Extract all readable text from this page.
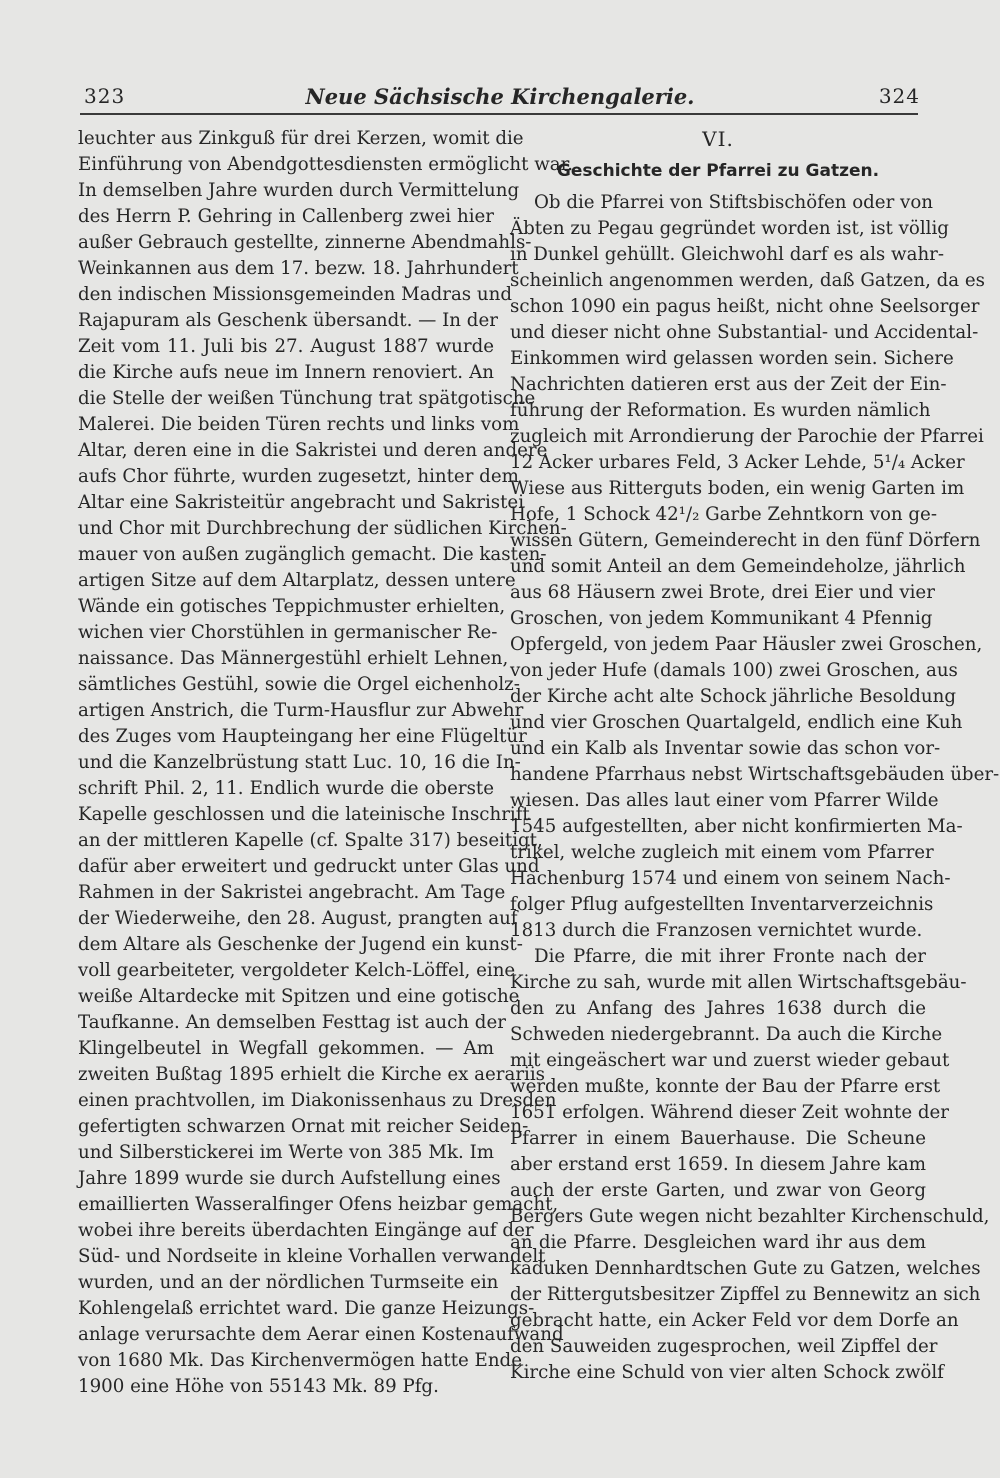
323	Neue Sächsische Kirchengalerie.	324
leuchter aus Zinkguß für drei Kerzen, womit die
Einführung von Abendgottesdiensten ermöglicht war.
In demselben Jahre wurden durch Vermittelung
des Herrn P. Gehring in Callenberg zwei hier
außer Gebrauch gestellte, zinnerne Abendmahls-
Weinkannen aus dem 17. bezw. 18. Jahrhundert
den indischen Missionsgemeinden Madras und
Rajapuram als Geschenk übersandt. — In der
Zeit vom 11. Juli bis 27. August 1887 wurde
die Kirche aufs neue im Innern renoviert. An
die Stelle der weißen Tünchung trat spätgotische
Malerei. Die beiden Türen rechts und links vom
Altar, deren eine in die Sakristei und deren andere
aufs Chor führte, wurden zugesetzt, hinter dem
Altar eine Sakristeitür angebracht und Sakristei
und Chor mit Durchbrechung der südlichen Kirchen-
mauer von außen zugänglich gemacht. Die kasten-
artigen Sitze auf dem Altarplatz, dessen untere
Wände ein gotisches Teppichmuster erhielten,
wichen vier Chorstühlen in germanischer Re-
naissance. Das Männergestühl erhielt Lehnen,
sämtliches Gestühl, sowie die Orgel eichenholz-
artigen Anstrich, die Turm-Hausflur zur Abwehr
des Zuges vom Haupteingang her eine Flügeltür
und die Kanzelbrüstung statt Luc. 10, 16 die In-
schrift Phil. 2, 11. Endlich wurde die oberste
Kapelle geschlossen und die lateinische Inschrift
an der mittleren Kapelle (cf. Spalte 317) beseitigt,
dafür aber erweitert und gedruckt unter Glas und
Rahmen in der Sakristei angebracht. Am Tage
der Wiederweihe, den 28. August, prangten auf
dem Altare als Geschenke der Jugend ein kunst-
voll gearbeiteter, vergoldeter Kelch-Löffel, eine
weiße Altardecke mit Spitzen und eine gotische
Taufkanne. An demselben Festtag ist auch der
Klingelbeutel in Wegfall gekommen. — Am
zweiten Bußtag 1895 erhielt die Kirche ex aerariis
einen prachtvollen, im Diakonissenhaus zu Dresden
gefertigten schwarzen Ornat mit reicher Seiden-
und Silberstickerei im Werte von 385 Mk. Im
Jahre 1899 wurde sie durch Aufstellung eines
emaillierten Wasseralfinger Ofens heizbar gemacht,
wobei ihre bereits überdachten Eingänge auf der
Süd- und Nordseite in kleine Vorhallen verwandelt
wurden, und an der nördlichen Turmseite ein
Kohlengelaß errichtet ward. Die ganze Heizungs-
anlage verursachte dem Aerar einen Kostenaufwand
von 1680 Mk. Das Kirchenvermögen hatte Ende
1900 eine Höhe von 55143 Mk. 89 Pfg.
VI.
Geschichte der Pfarrei zu Gatzen.
Ob die Pfarrei von Stiftsbischöfen oder von
Äbten zu Pegau gegründet worden ist, ist völlig
in Dunkel gehüllt. Gleichwohl darf es als wahr-
scheinlich angenommen werden, daß Gatzen, da es
schon 1090 ein pagus heißt, nicht ohne Seelsorger
und dieser nicht ohne Substantial- und Accidental-
Einkommen wird gelassen worden sein. Sichere
Nachrichten datieren erst aus der Zeit der Ein-
führung der Reformation. Es wurden nämlich
zugleich mit Arrondierung der Parochie der Pfarrei
12 Acker urbares Feld, 3 Acker Lehde, 5¹/₄ Acker
Wiese aus Ritterguts boden, ein wenig Garten im
Hofe, 1 Schock 42¹/₂ Garbe Zehntkorn von ge-
wissen Gütern, Gemeinderecht in den fünf Dörfern
und somit Anteil an dem Gemeindeholze, jährlich
aus 68 Häusern zwei Brote, drei Eier und vier
Groschen, von jedem Kommunikant 4 Pfennig
Opfergeld, von jedem Paar Häusler zwei Groschen,
von jeder Hufe (damals 100) zwei Groschen, aus
der Kirche acht alte Schock jährliche Besoldung
und vier Groschen Quartalgeld, endlich eine Kuh
und ein Kalb als Inventar sowie das schon vor-
handene Pfarrhaus nebst Wirtschaftsgebäuden über-
wiesen. Das alles laut einer vom Pfarrer Wilde
1545 aufgestellten, aber nicht konfirmierten Ma-
trikel, welche zugleich mit einem vom Pfarrer
Hachenburg 1574 und einem von seinem Nach-
folger Pflug aufgestellten Inventarverzeichnis
1813 durch die Franzosen vernichtet wurde.
Die Pfarre, die mit ihrer Fronte nach der
Kirche zu sah, wurde mit allen Wirtschaftsgebäu-
den zu Anfang des Jahres 1638 durch die
Schweden niedergebrannt. Da auch die Kirche
mit eingeäschert war und zuerst wieder gebaut
werden mußte, konnte der Bau der Pfarre erst
1651 erfolgen. Während dieser Zeit wohnte der
Pfarrer in einem Bauerhause. Die Scheune
aber erstand erst 1659. In diesem Jahre kam
auch der erste Garten, und zwar von Georg
Bergers Gute wegen nicht bezahlter Kirchenschuld,
an die Pfarre. Desgleichen ward ihr aus dem
kaduken Dennhardtschen Gute zu Gatzen, welches
der Rittergutsbesitzer Zipffel zu Bennewitz an sich
gebracht hatte, ein Acker Feld vor dem Dorfe an
den Sauweiden zugesprochen, weil Zipffel der
Kirche eine Schuld von vier alten Schock zwölf
